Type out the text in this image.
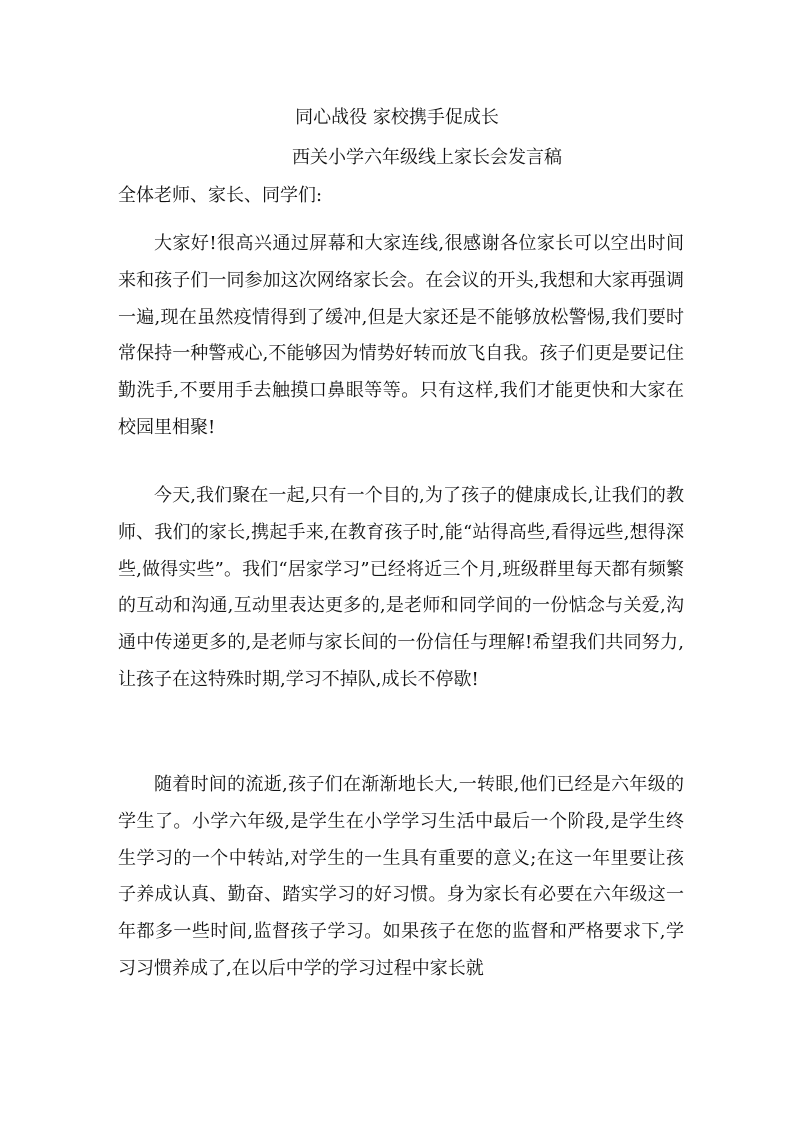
同心战役 家校携手促成长
西关小学六年级线上家长会发言稿
全体老师、家长、同学们:

大家好!很高兴通过屏幕和大家连线,很感谢各位家长可以空出时间来和孩子们一同参加这次网络家长会。在会议的开头,我想和大家再强调一遍,现在虽然疫情得到了缓冲,但是大家还是不能够放松警惕,我们要时常保持一种警戒心,不能够因为情势好转而放飞自我。孩子们更是要记住勤洗手,不要用手去触摸口鼻眼等等。只有这样,我们才能更快和大家在校园里相聚!

今天,我们聚在一起,只有一个目的,为了孩子的健康成长,让我们的教师、我们的家长,携起手来,在教育孩子时,能“站得高些,看得远些,想得深些,做得实些”。我们“居家学习”已经将近三个月,班级群里每天都有频繁的互动和沟通,互动里表达更多的,是老师和同学间的一份惦念与关爱,沟通中传递更多的,是老师与家长间的一份信任与理解!希望我们共同努力,让孩子在这特殊时期,学习不掉队,成长不停歇!

随着时间的流逝,孩子们在渐渐地长大,一转眼,他们已经是六年级的学生了。小学六年级,是学生在小学学习生活中最后一个阶段,是学生终生学习的一个中转站,对学生的一生具有重要的意义;在这一年里要让孩子养成认真、勤奋、踏实学习的好习惯。身为家长有必要在六年级这一年都多一些时间,监督孩子学习。如果孩子在您的监督和严格要求下,学习习惯养成了,在以后中学的学习过程中家长就
